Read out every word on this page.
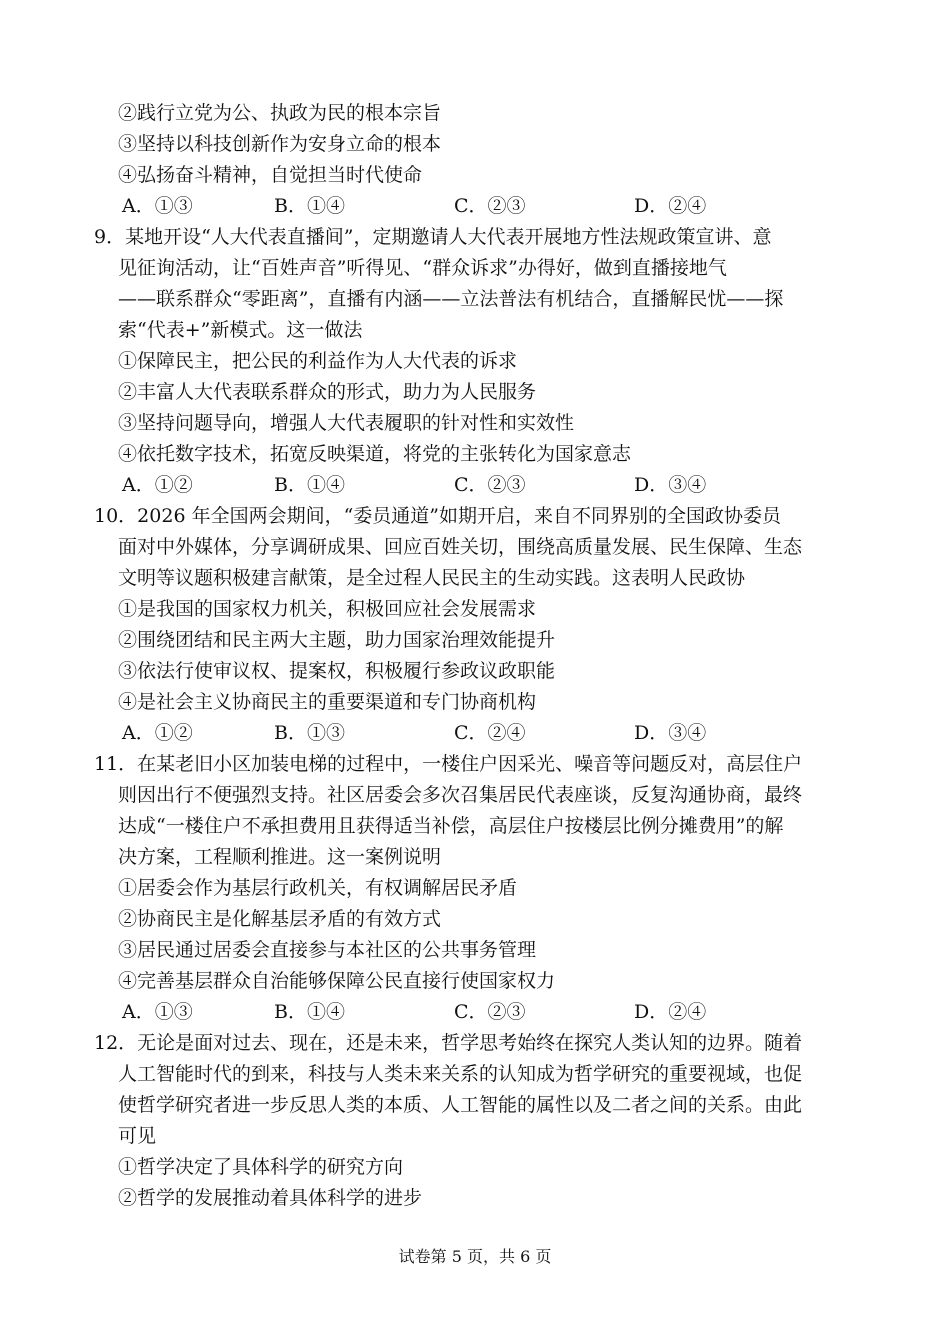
②践行立党为公、执政为民的根本宗旨
③坚持以科技创新作为安身立命的根本
④弘扬奋斗精神，自觉担当时代使命
A．①③	B．①④	C．②③	D．②④
9．某地开设“人大代表直播间”，定期邀请人大代表开展地方性法规政策宣讲、意
见征询活动，让“百姓声音”听得见、“群众诉求”办得好，做到直播接地气
——联系群众“零距离”，直播有内涵——立法普法有机结合，直播解民忧——探
索“代表+”新模式。这一做法
①保障民主，把公民的利益作为人大代表的诉求
②丰富人大代表联系群众的形式，助力为人民服务
③坚持问题导向，增强人大代表履职的针对性和实效性
④依托数字技术，拓宽反映渠道，将党的主张转化为国家意志
A．①②	B．①④	C．②③	D．③④
10．2026 年全国两会期间，“委员通道”如期开启，来自不同界别的全国政协委员
面对中外媒体，分享调研成果、回应百姓关切，围绕高质量发展、民生保障、生态
文明等议题积极建言献策，是全过程人民民主的生动实践。这表明人民政协
①是我国的国家权力机关，积极回应社会发展需求
②围绕团结和民主两大主题，助力国家治理效能提升
③依法行使审议权、提案权，积极履行参政议政职能
④是社会主义协商民主的重要渠道和专门协商机构
A．①②	B．①③	C．②④	D．③④
11．在某老旧小区加装电梯的过程中，一楼住户因采光、噪音等问题反对，高层住户
则因出行不便强烈支持。社区居委会多次召集居民代表座谈，反复沟通协商，最终
达成“一楼住户不承担费用且获得适当补偿，高层住户按楼层比例分摊费用”的解
决方案，工程顺利推进。这一案例说明
①居委会作为基层行政机关，有权调解居民矛盾
②协商民主是化解基层矛盾的有效方式
③居民通过居委会直接参与本社区的公共事务管理
④完善基层群众自治能够保障公民直接行使国家权力
A．①③	B．①④	C．②③	D．②④
12．无论是面对过去、现在，还是未来，哲学思考始终在探究人类认知的边界。随着
人工智能时代的到来，科技与人类未来关系的认知成为哲学研究的重要视域，也促
使哲学研究者进一步反思人类的本质、人工智能的属性以及二者之间的关系。由此
可见
①哲学决定了具体科学的研究方向
②哲学的发展推动着具体科学的进步
试卷第 5 页，共 6 页
